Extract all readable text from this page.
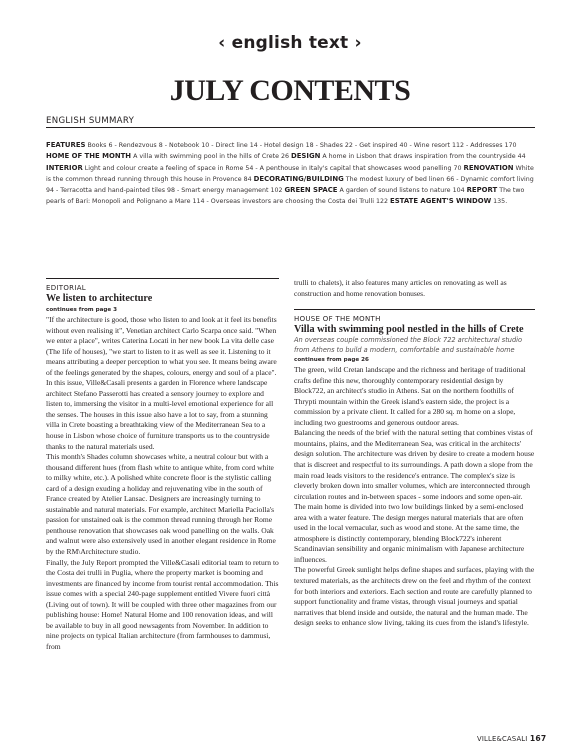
‹ english text ›
JULY CONTENTS
ENGLISH SUMMARY

FEATURES Books 6 - Rendezvous 8 - Notebook 10 - Direct line 14 - Hotel design 18 - Shades 22 - Get inspired 40 - Wine resort 112 - Addresses 170 HOME OF THE MONTH A villa with swimming pool in the hills of Crete 26 DESIGN A home in Lisbon that draws inspiration from the countryside 44 INTERIOR Light and colour create a feeling of space in Rome 54 - A penthouse in Italy's capital that showcases wood panelling 70 RENOVATION White is the common thread running through this house in Provence 84 DECORATING/BUILDING The modest luxury of bed linen 66 - Dynamic comfort living 94 - Terracotta and hand-painted tiles 98 - Smart energy management 102 GREEN SPACE A garden of sound listens to nature 104 REPORT The two pearls of Bari: Monopoli and Polignano a Mare 114 - Overseas investors are choosing the Costa dei Trulli 122 ESTATE AGENT'S WINDOW 135.

EDITORIAL
We listen to architecture
continues from page 3

"If the architecture is good, those who listen to and look at it feel its benefits without even realising it", Venetian architect Carlo Scarpa once said. "When we enter a place", writes Caterina Locati in her new book La vita delle case (The life of houses), "we start to listen to it as well as see it. Listening to it means attributing a deeper perception to what you see. It means being aware of the feelings generated by the shapes, colours, energy and soul of a place". In this issue, Ville&Casali presents a garden in Florence where landscape architect Stefano Passerotti has created a sensory journey to explore and listen to, immersing the visitor in a multi-level emotional experience for all the senses. The houses in this issue also have a lot to say, from a stunning villa in Crete boasting a breathtaking view of the Mediterranean Sea to a house in Lisbon whose choice of furniture transports us to the countryside thanks to the natural materials used.

This month's Shades column showcases white, a neutral colour but with a thousand different hues (from flash white to antique white, from cord white to milky white, etc.). A polished white concrete floor is the stylistic calling card of a design exuding a holiday and rejuvenating vibe in the south of France created by Atelier Lansac. Designers are increasingly turning to sustainable and natural materials. For example, architect Mariella Paciolla's passion for unstained oak is the common thread running through her Rome penthouse renovation that showcases oak wood panelling on the walls. Oak and walnut were also extensively used in another elegant residence in Rome by the RM\Architecture studio.

Finally, the July Report prompted the Ville&Casali editorial team to return to the Costa dei trulli in Puglia, where the property market is booming and investments are financed by income from tourist rental accommodation. This issue comes with a special 240-page supplement entitled Vivere fuori città (Living out of town). It will be coupled with three other magazines from our publishing house: Home! Natural Home and 100 renovation ideas, and will be available to buy in all good newsagents from November. In addition to nine projects on typical Italian architecture (from farmhouses to dammusi, from

trulli to chalets), it also features many articles on renovating as well as construction and home renovation bonuses.

HOUSE OF THE MONTH
Villa with swimming pool nestled in the hills of Crete
An overseas couple commissioned the Block 722 architectural studio from Athens to build a modern, comfortable and sustainable home
continues from page 26

The green, wild Cretan landscape and the richness and heritage of traditional crafts define this new, thoroughly contemporary residential design by Block722, an architect's studio in Athens. Sat on the northern foothills of Thrypti mountain within the Greek island's eastern side, the project is a commission by a private client. It called for a 280 sq. m home on a slope, including two guestrooms and generous outdoor areas.

Balancing the needs of the brief with the natural setting that combines vistas of mountains, plains, and the Mediterranean Sea, was critical in the architects' design solution. The architecture was driven by desire to create a modern house that is discreet and respectful to its surroundings. A path down a slope from the main road leads visitors to the residence's entrance. The complex's size is cleverly broken down into smaller volumes, which are interconnected through circulation routes and in-between spaces - some indoors and some open-air. The main home is divided into two low buildings linked by a semi-enclosed area with a water feature. The design merges natural materials that are often used in the local vernacular, such as wood and stone. At the same time, the atmosphere is distinctly contemporary, blending Block722's inherent Scandinavian sensibility and organic minimalism with Japanese architecture influences.

The powerful Greek sunlight helps define shapes and surfaces, playing with the textured materials, as the architects drew on the feel and rhythm of the context for both interiors and exteriors. Each section and route are carefully planned to support functionality and frame vistas, through visual journeys and spatial narratives that blend inside and outside, the natural and the human made. The design seeks to enhance slow living, taking its cues from the island's lifestyle.

VILLE&CASALI 167
